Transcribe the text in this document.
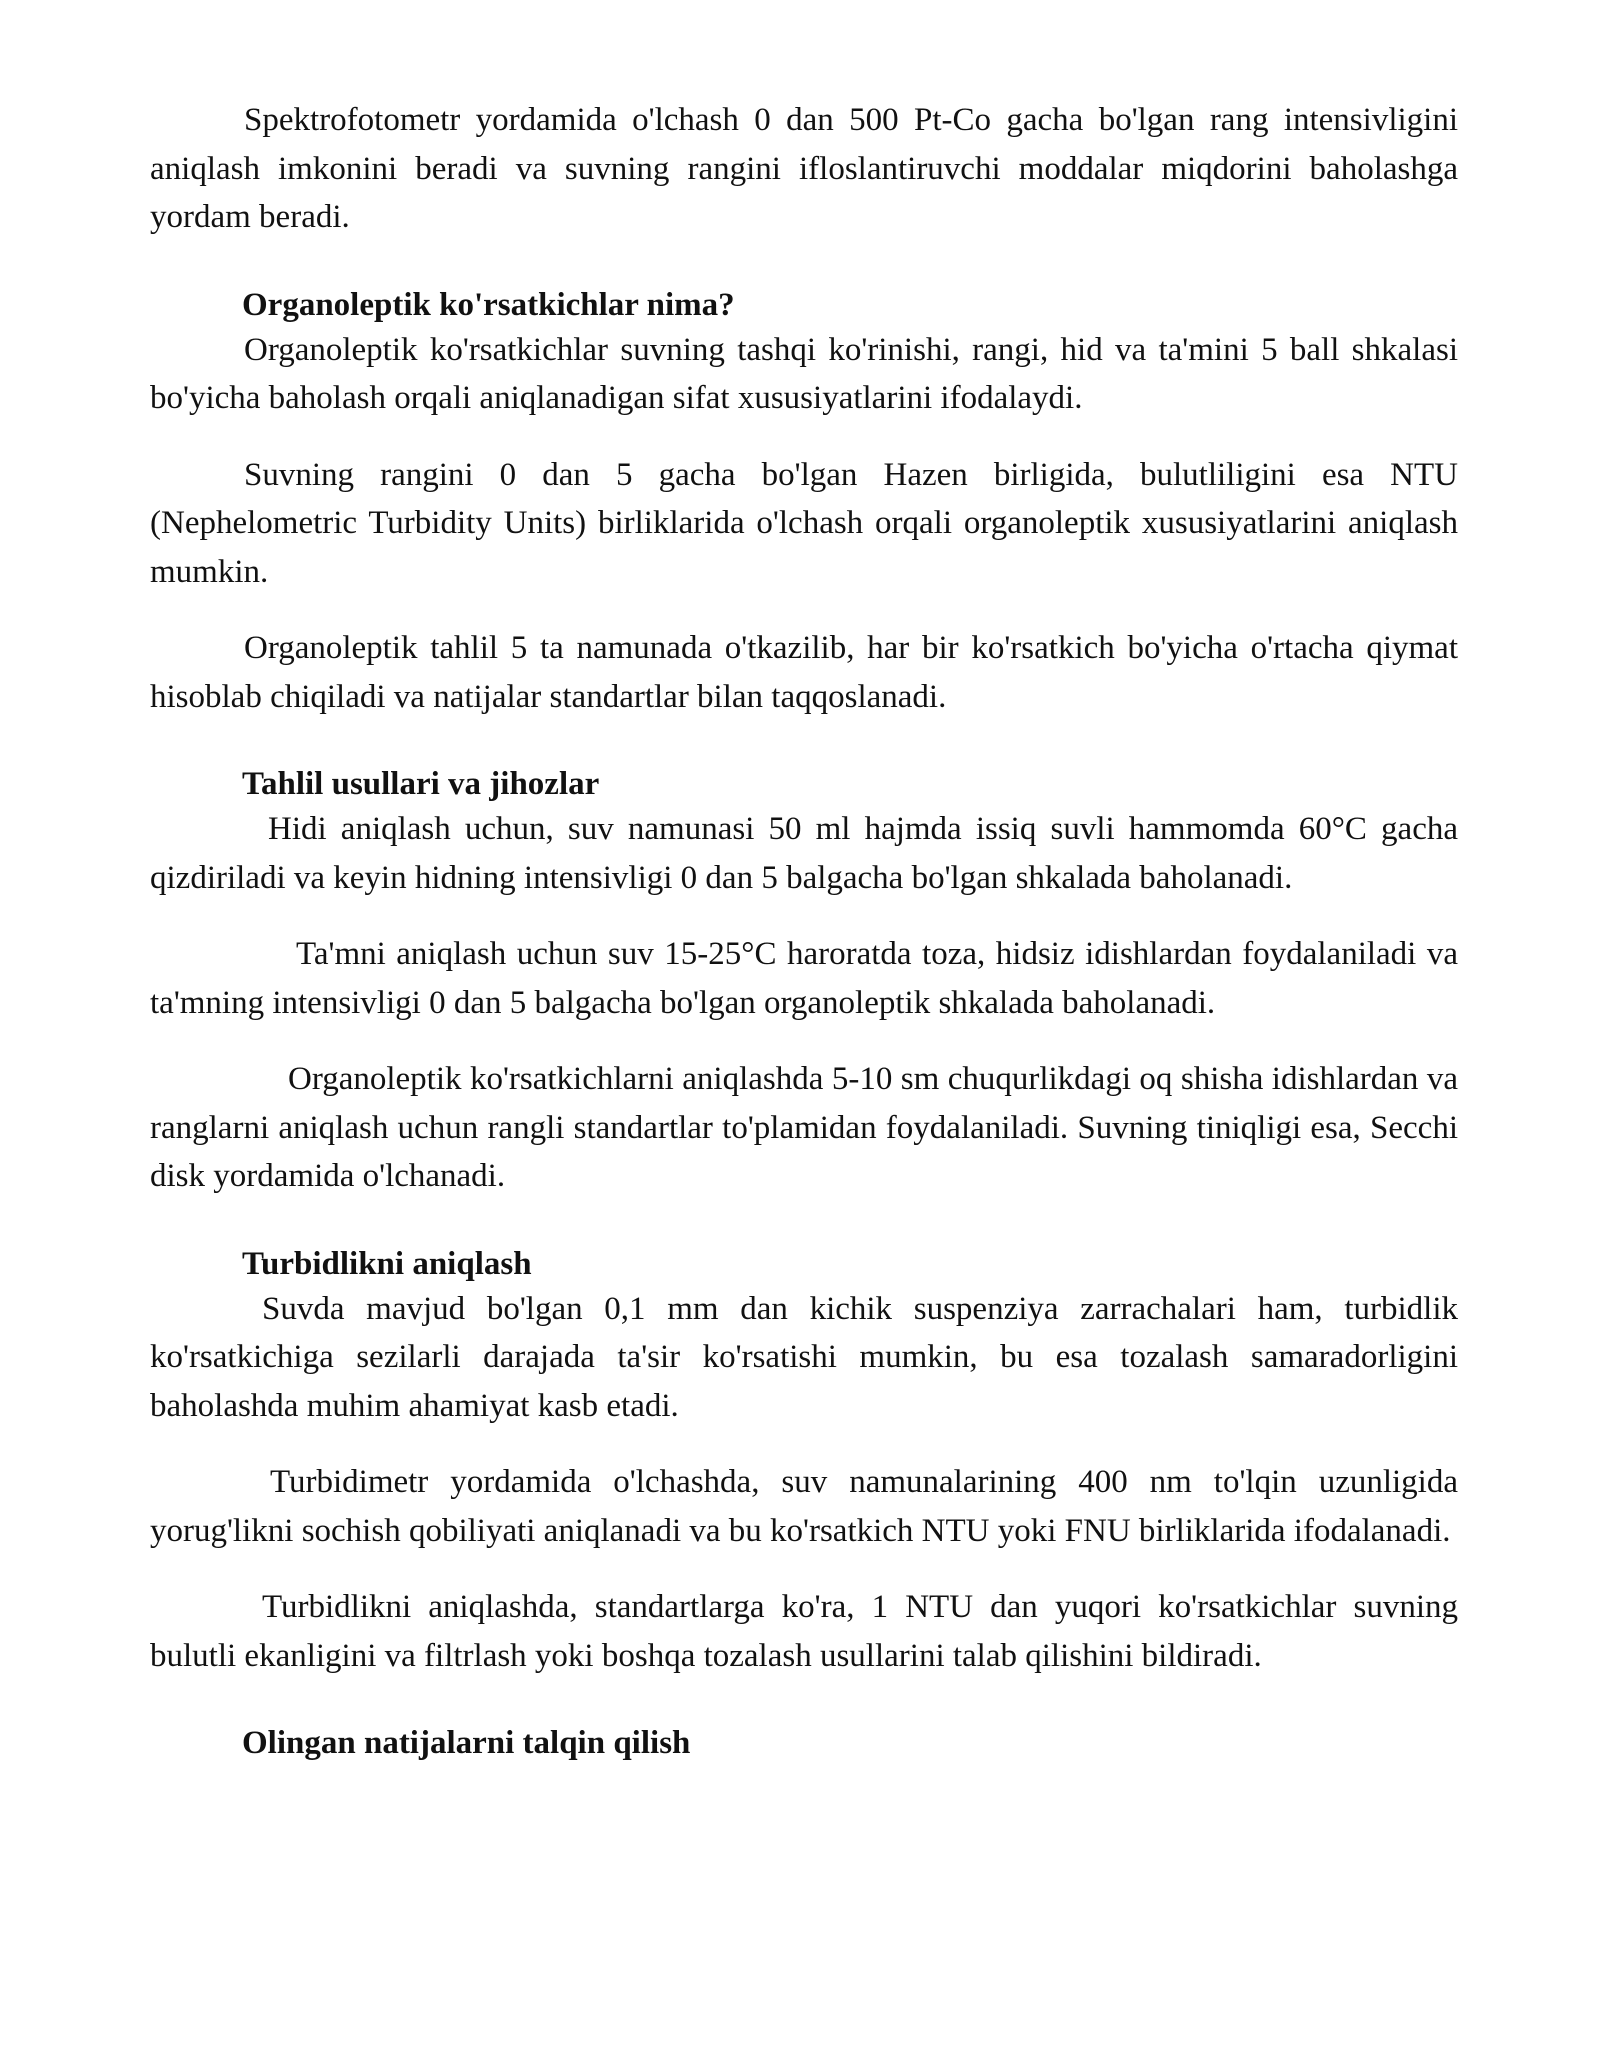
Spektrofotometr yordamida o'lchash 0 dan 500 Pt-Co gacha bo'lgan rang intensivligini aniqlash imkonini beradi va suvning rangini ifloslantiruvchi moddalar miqdorini baholashga yordam beradi.

Organoleptik ko'rsatkichlar nima?

Organoleptik ko'rsatkichlar suvning tashqi ko'rinishi, rangi, hid va ta'mini 5 ball shkalasi bo'yicha baholash orqali aniqlanadigan sifat xususiyatlarini ifodalaydi.

Suvning rangini 0 dan 5 gacha bo'lgan Hazen birligida, bulutliligini esa NTU (Nephelometric Turbidity Units) birliklarida o'lchash orqali organoleptik xususiyatlarini aniqlash mumkin.

Organoleptik tahlil 5 ta namunada o'tkazilib, har bir ko'rsatkich bo'yicha o'rtacha qiymat hisoblab chiqiladi va natijalar standartlar bilan taqqoslanadi.

Tahlil usullari va jihozlar

Hidi aniqlash uchun, suv namunasi 50 ml hajmda issiq suvli hammomda 60°C gacha qizdiriladi va keyin hidning intensivligi 0 dan 5 balgacha bo'lgan shkalada baholanadi.

Ta'mni aniqlash uchun suv 15-25°C haroratda toza, hidsiz idishlardan foydalaniladi va ta'mning intensivligi 0 dan 5 balgacha bo'lgan organoleptik shkalada baholanadi.

Organoleptik ko'rsatkichlarni aniqlashda 5-10 sm chuqurlikdagi oq shisha idishlardan va ranglarni aniqlash uchun rangli standartlar to'plamidan foydalaniladi. Suvning tiniqligi esa, Secchi disk yordamida o'lchanadi.

Turbidlikni aniqlash

Suvda mavjud bo'lgan 0,1 mm dan kichik suspenziya zarrachalari ham, turbidlik ko'rsatkichiga sezilarli darajada ta'sir ko'rsatishi mumkin, bu esa tozalash samaradorligini baholashda muhim ahamiyat kasb etadi.

Turbidimetr yordamida o'lchashda, suv namunalarining 400 nm to'lqin uzunligida yorug'likni sochish qobiliyati aniqlanadi va bu ko'rsatkich NTU yoki FNU birliklarida ifodalanadi.

Turbidlikni aniqlashda, standartlarga ko'ra, 1 NTU dan yuqori ko'rsatkichlar suvning bulutli ekanligini va filtrlash yoki boshqa tozalash usullarini talab qilishini bildiradi.

Olingan natijalarni talqin qilish
